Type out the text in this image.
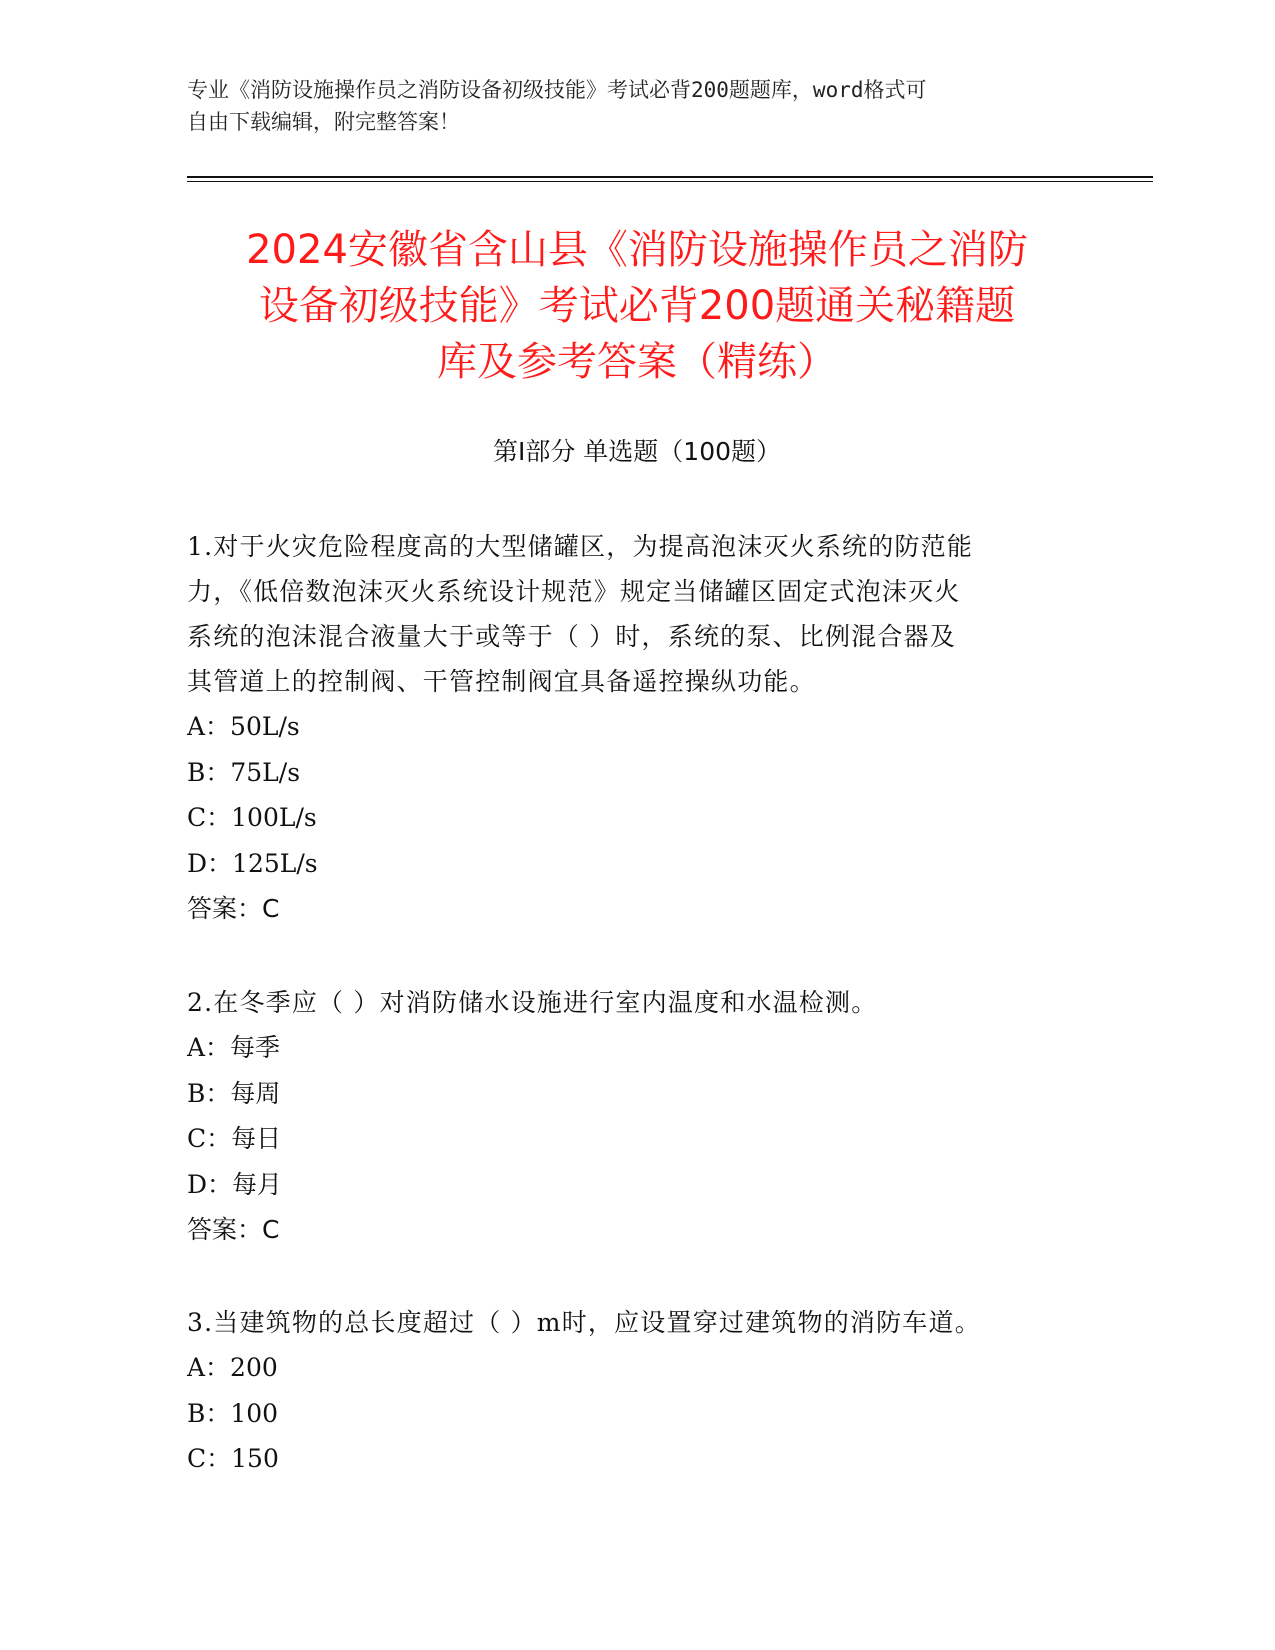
专业《消防设施操作员之消防设备初级技能》考试必背200题题库，word格式可
自由下载编辑，附完整答案！
2024安徽省含山县《消防设施操作员之消防
设备初级技能》考试必背200题通关秘籍题
库及参考答案（精练）
第Ⅰ部分 单选题（100题）
1.对于火灾危险程度高的大型储罐区，为提高泡沫灭火系统的防范能
力，《低倍数泡沫灭火系统设计规范》规定当储罐区固定式泡沫灭火
系统的泡沫混合液量大于或等于（ ）时，系统的泵、比例混合器及
其管道上的控制阀、干管控制阀宜具备遥控操纵功能。
A：50L/s
B：75L/s
C：100L/s
D：125L/s
答案：C
2.在冬季应（ ）对消防储水设施进行室内温度和水温检测。
A：每季
B：每周
C：每日
D：每月
答案：C
3.当建筑物的总长度超过（ ）m时，应设置穿过建筑物的消防车道。
A：200
B：100
C：150
